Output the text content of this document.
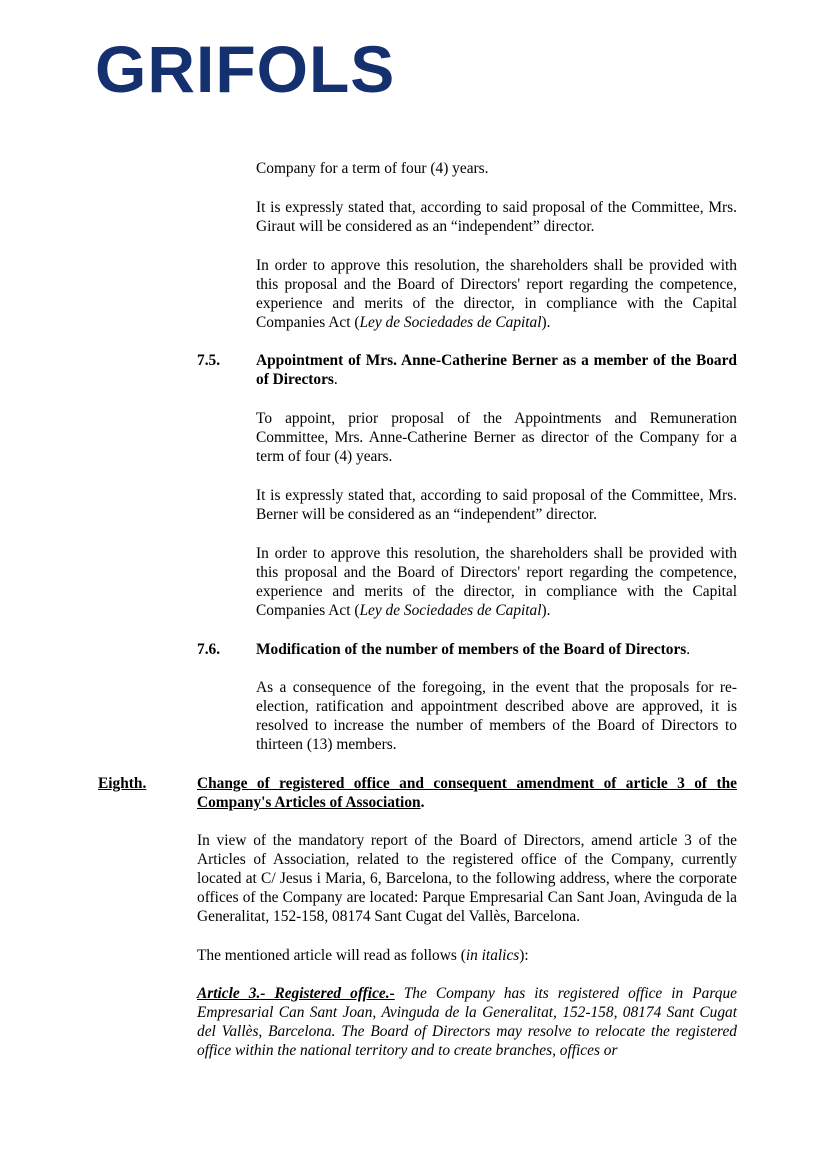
GRIFOLS

Company for a term of four (4) years.

It is expressly stated that, according to said proposal of the Committee, Mrs. Giraut will be considered as an “independent” director.

In order to approve this resolution, the shareholders shall be provided with this proposal and the Board of Directors' report regarding the competence, experience and merits of the director, in compliance with the Capital Companies Act (Ley de Sociedades de Capital).

7.5. Appointment of Mrs. Anne-Catherine Berner as a member of the Board of Directors.

To appoint, prior proposal of the Appointments and Remuneration Committee, Mrs. Anne-Catherine Berner as director of the Company for a term of four (4) years.

It is expressly stated that, according to said proposal of the Committee, Mrs. Berner will be considered as an “independent” director.

In order to approve this resolution, the shareholders shall be provided with this proposal and the Board of Directors' report regarding the competence, experience and merits of the director, in compliance with the Capital Companies Act (Ley de Sociedades de Capital).

7.6. Modification of the number of members of the Board of Directors.

As a consequence of the foregoing, in the event that the proposals for re-election, ratification and appointment described above are approved, it is resolved to increase the number of members of the Board of Directors to thirteen (13) members.

Eighth.	Change of registered office and consequent amendment of article 3 of the Company's Articles of Association.

In view of the mandatory report of the Board of Directors, amend article 3 of the Articles of Association, related to the registered office of the Company, currently located at C/ Jesus i Maria, 6, Barcelona, to the following address, where the corporate offices of the Company are located: Parque Empresarial Can Sant Joan, Avinguda de la Generalitat, 152-158, 08174 Sant Cugat del Vallès, Barcelona.

The mentioned article will read as follows (in italics):

Article 3.- Registered office.- The Company has its registered office in Parque Empresarial Can Sant Joan, Avinguda de la Generalitat, 152-158, 08174 Sant Cugat del Vallès, Barcelona. The Board of Directors may resolve to relocate the registered office within the national territory and to create branches, offices or
